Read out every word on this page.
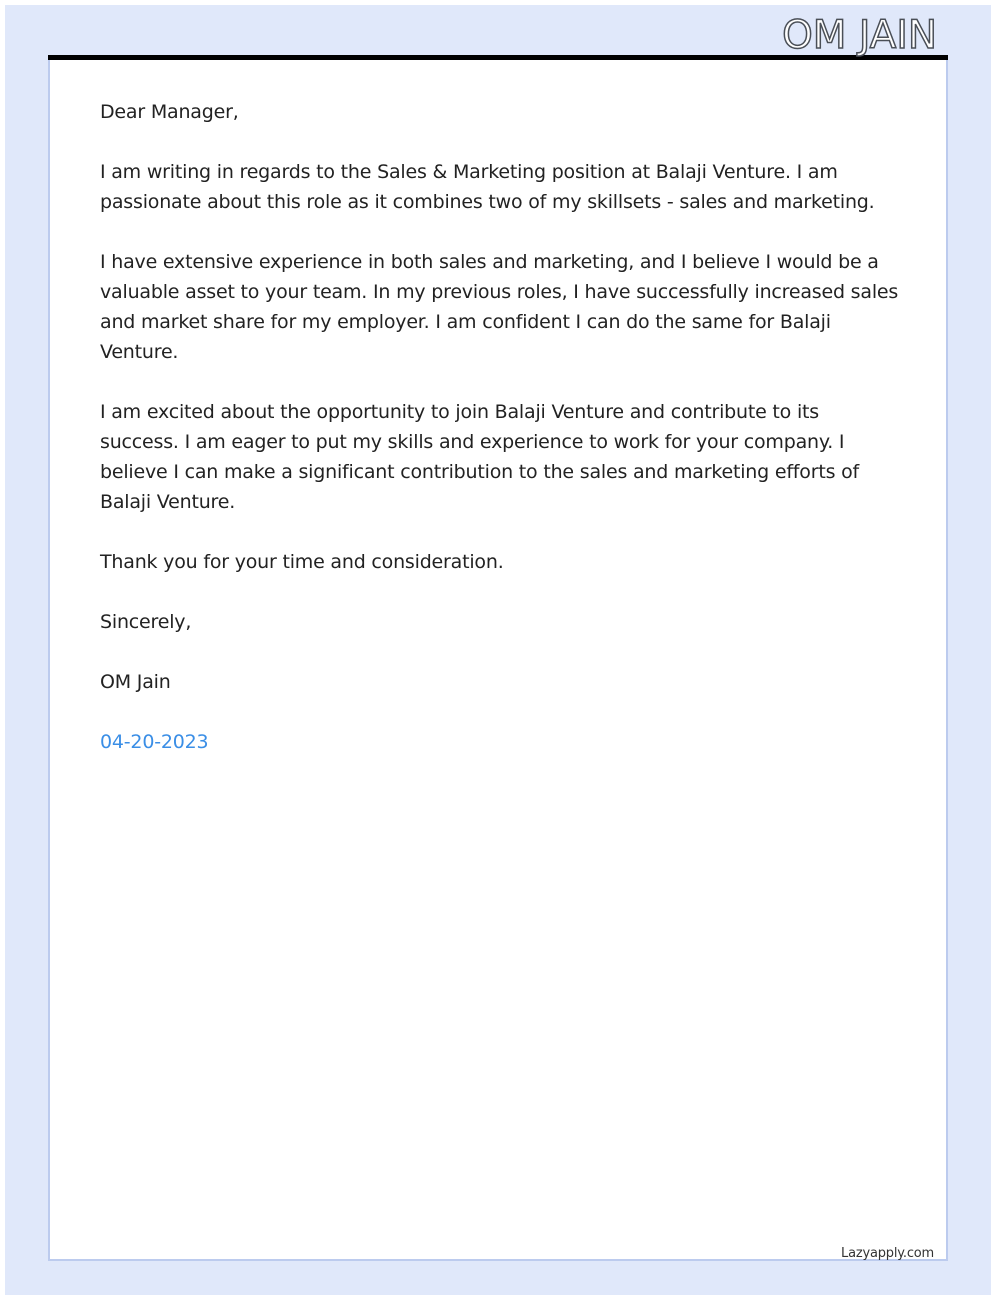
OM JAIN

Dear Manager,

I am writing in regards to the Sales & Marketing position at Balaji Venture. I am passionate about this role as it combines two of my skillsets - sales and marketing.

I have extensive experience in both sales and marketing, and I believe I would be a valuable asset to your team. In my previous roles, I have successfully increased sales and market share for my employer. I am confident I can do the same for Balaji Venture.

I am excited about the opportunity to join Balaji Venture and contribute to its success. I am eager to put my skills and experience to work for your company. I believe I can make a significant contribution to the sales and marketing efforts of Balaji Venture.

Thank you for your time and consideration.

Sincerely,

OM Jain

04-20-2023

Lazyapply.com
